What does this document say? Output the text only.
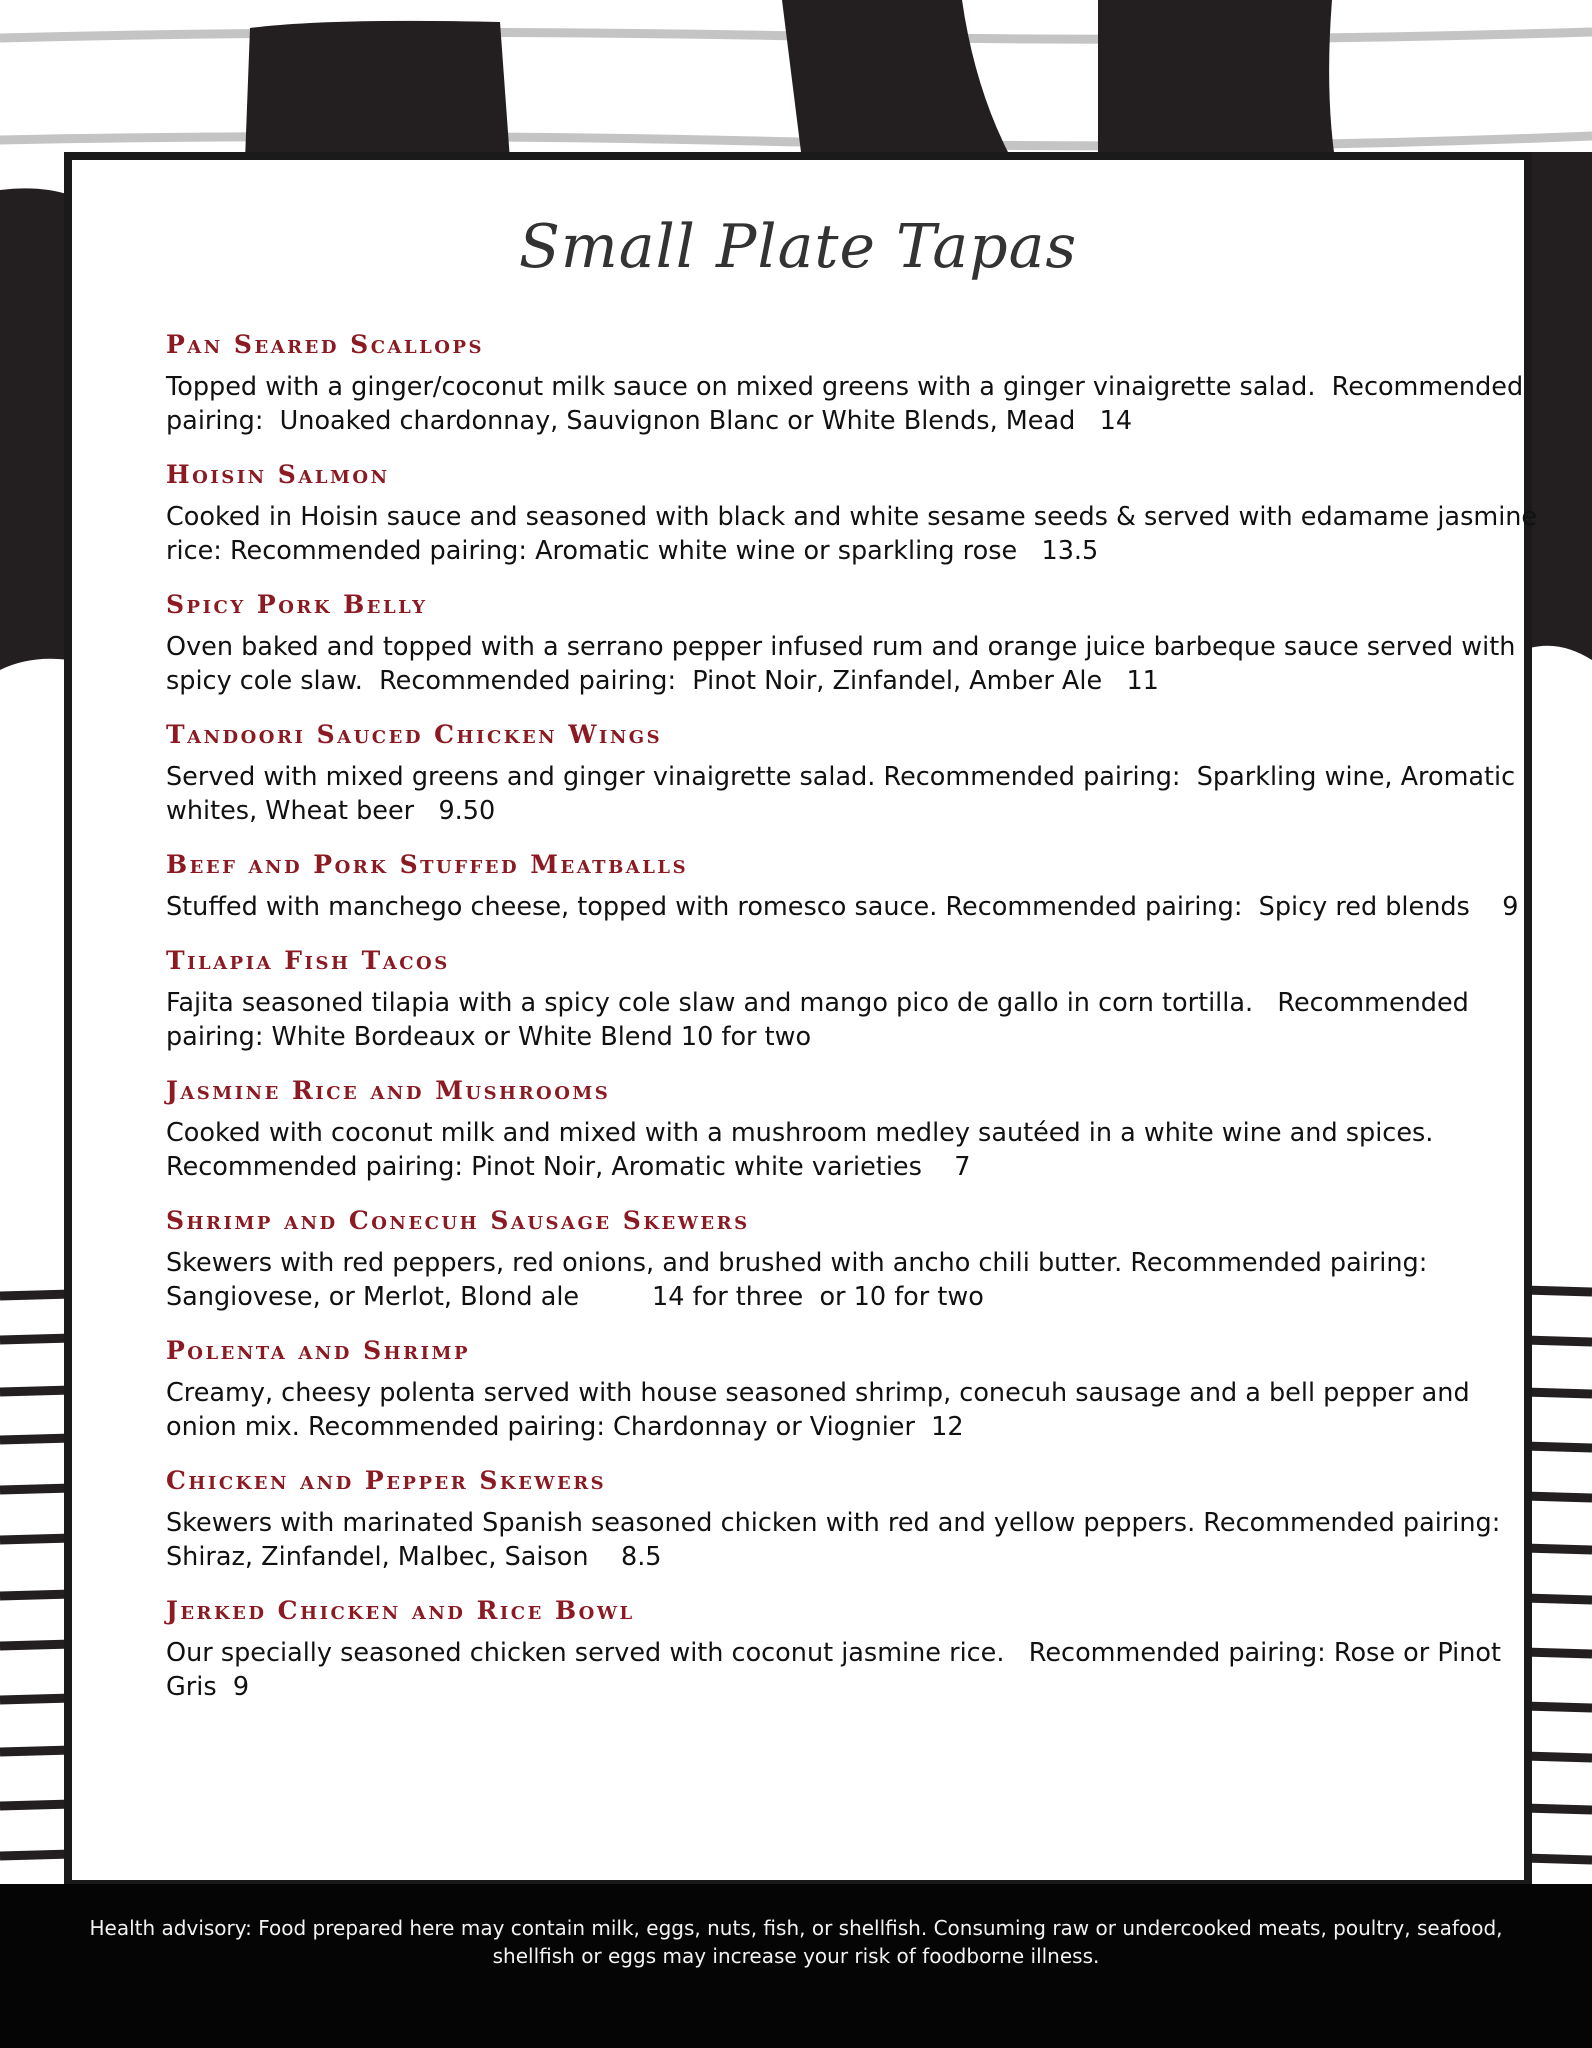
Small Plate Tapas
Pan Seared Scallops
Topped with a ginger/coconut milk sauce on mixed greens with a ginger vinaigrette salad.  Recommended pairing:  Unoaked chardonnay, Sauvignon Blanc or White Blends, Mead   14
Hoisin Salmon
Cooked in Hoisin sauce and seasoned with black and white sesame seeds & served with edamame jasmine rice: Recommended pairing: Aromatic white wine or sparkling rose   13.5
Spicy Pork Belly
Oven baked and topped with a serrano pepper infused rum and orange juice barbeque sauce served with spicy cole slaw.  Recommended pairing:  Pinot Noir, Zinfandel, Amber Ale   11
Tandoori Sauced Chicken Wings
Served with mixed greens and ginger vinaigrette salad. Recommended pairing:  Sparkling wine, Aromatic whites, Wheat beer   9.50
Beef and Pork Stuffed Meatballs
Stuffed with manchego cheese, topped with romesco sauce. Recommended pairing:  Spicy red blends    9
Tilapia Fish Tacos
Fajita seasoned tilapia with a spicy cole slaw and mango pico de gallo in corn tortilla.   Recommended pairing: White Bordeaux or White Blend 10 for two
Jasmine Rice and Mushrooms
Cooked with coconut milk and mixed with a mushroom medley sautéed in a white wine and spices. Recommended pairing: Pinot Noir, Aromatic white varieties    7
Shrimp and Conecuh Sausage Skewers
Skewers with red peppers, red onions, and brushed with ancho chili butter. Recommended pairing:  Sangiovese, or Merlot, Blond ale         14 for three  or 10 for two
Polenta and Shrimp
Creamy, cheesy polenta served with house seasoned shrimp, conecuh sausage and a bell pepper and onion mix. Recommended pairing: Chardonnay or Viognier  12
Chicken and Pepper Skewers
Skewers with marinated Spanish seasoned chicken with red and yellow peppers. Recommended pairing:  Shiraz, Zinfandel, Malbec, Saison    8.5
Jerked Chicken and Rice Bowl
Our specially seasoned chicken served with coconut jasmine rice.   Recommended pairing: Rose or Pinot Gris  9
Health advisory: Food prepared here may contain milk, eggs, nuts, fish, or shellfish. Consuming raw or undercooked meats, poultry, seafood, shellfish or eggs may increase your risk of foodborne illness.
